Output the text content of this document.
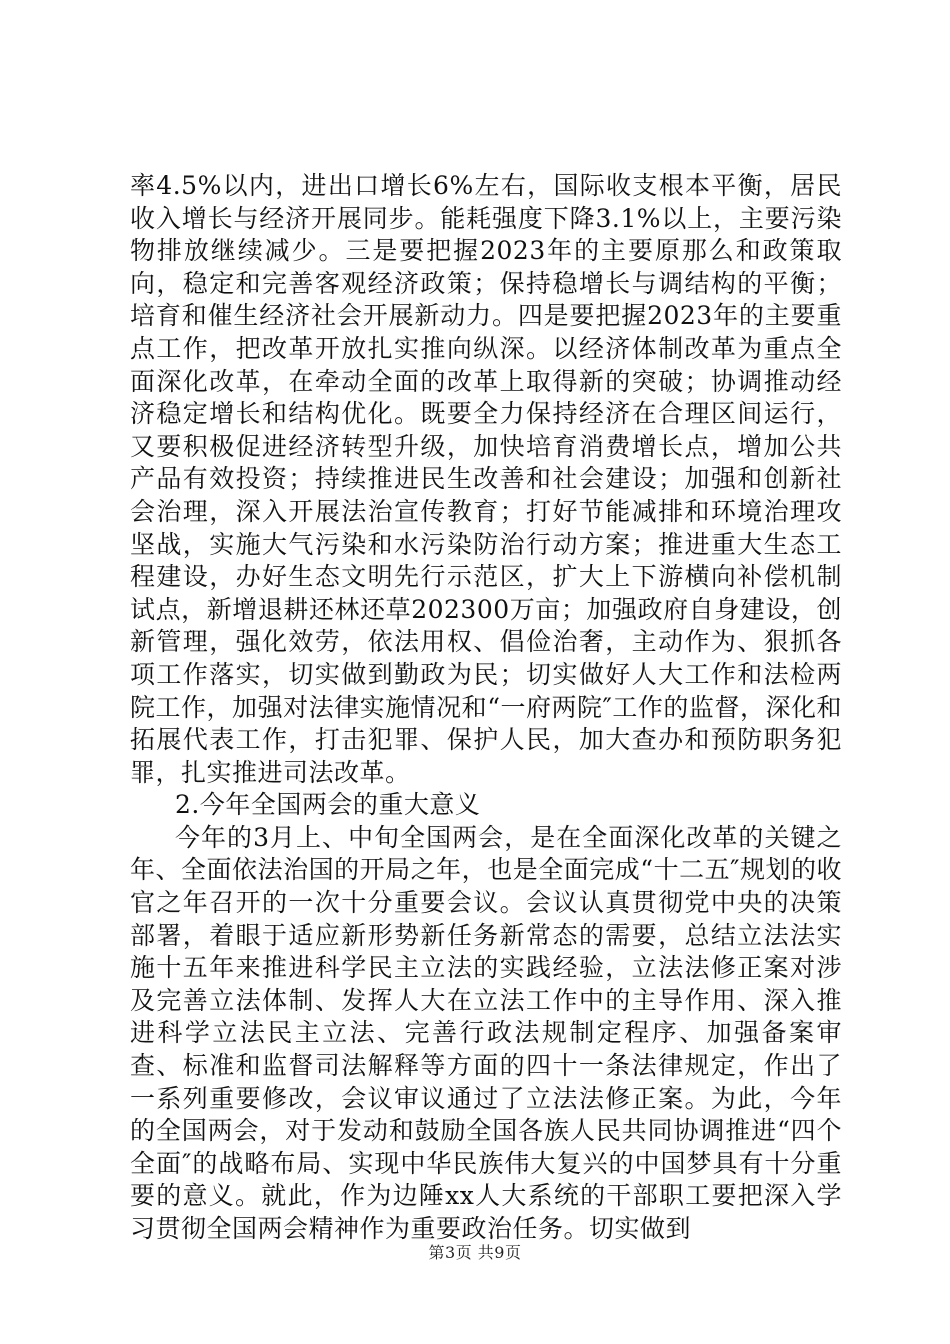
率4.5%以内，进出口增长6%左右，国际收支根本平衡，居民收入增长与经济开展同步。能耗强度下降3.1%以上，主要污染物排放继续减少。三是要把握2023年的主要原那么和政策取向，稳定和完善客观经济政策；保持稳增长与调结构的平衡；培育和催生经济社会开展新动力。四是要把握2023年的主要重点工作，把改革开放扎实推向纵深。以经济体制改革为重点全面深化改革，在牵动全面的改革上取得新的突破；协调推动经济稳定增长和结构优化。既要全力保持经济在合理区间运行，又要积极促进经济转型升级，加快培育消费增长点，增加公共产品有效投资；持续推进民生改善和社会建设；加强和创新社会治理，深入开展法治宣传教育；打好节能减排和环境治理攻坚战，实施大气污染和水污染防治行动方案；推进重大生态工程建设，办好生态文明先行示范区，扩大上下游横向补偿机制试点，新增退耕还林还草202300万亩；加强政府自身建设，创新管理，强化效劳，依法用权、倡俭治奢，主动作为、狠抓各项工作落实，切实做到勤政为民；切实做好人大工作和法检两院工作，加强对法律实施情况和“一府两院″工作的监督，深化和拓展代表工作，打击犯罪、保护人民，加大查办和预防职务犯罪，扎实推进司法改革。

2.今年全国两会的重大意义

今年的3月上、中旬全国两会，是在全面深化改革的关键之年、全面依法治国的开局之年，也是全面完成“十二五″规划的收官之年召开的一次十分重要会议。会议认真贯彻党中央的决策部署，着眼于适应新形势新任务新常态的需要，总结立法法实施十五年来推进科学民主立法的实践经验，立法法修正案对涉及完善立法体制、发挥人大在立法工作中的主导作用、深入推进科学立法民主立法、完善行政法规制定程序、加强备案审查、标准和监督司法解释等方面的四十一条法律规定，作出了一系列重要修改，会议审议通过了立法法修正案。为此，今年的全国两会，对于发动和鼓励全国各族人民共同协调推进“四个全面″的战略布局、实现中华民族伟大复兴的中国梦具有十分重要的意义。就此，作为边陲xx人大系统的干部职工要把深入学习贯彻全国两会精神作为重要政治任务。切实做到

第3页 共9页
